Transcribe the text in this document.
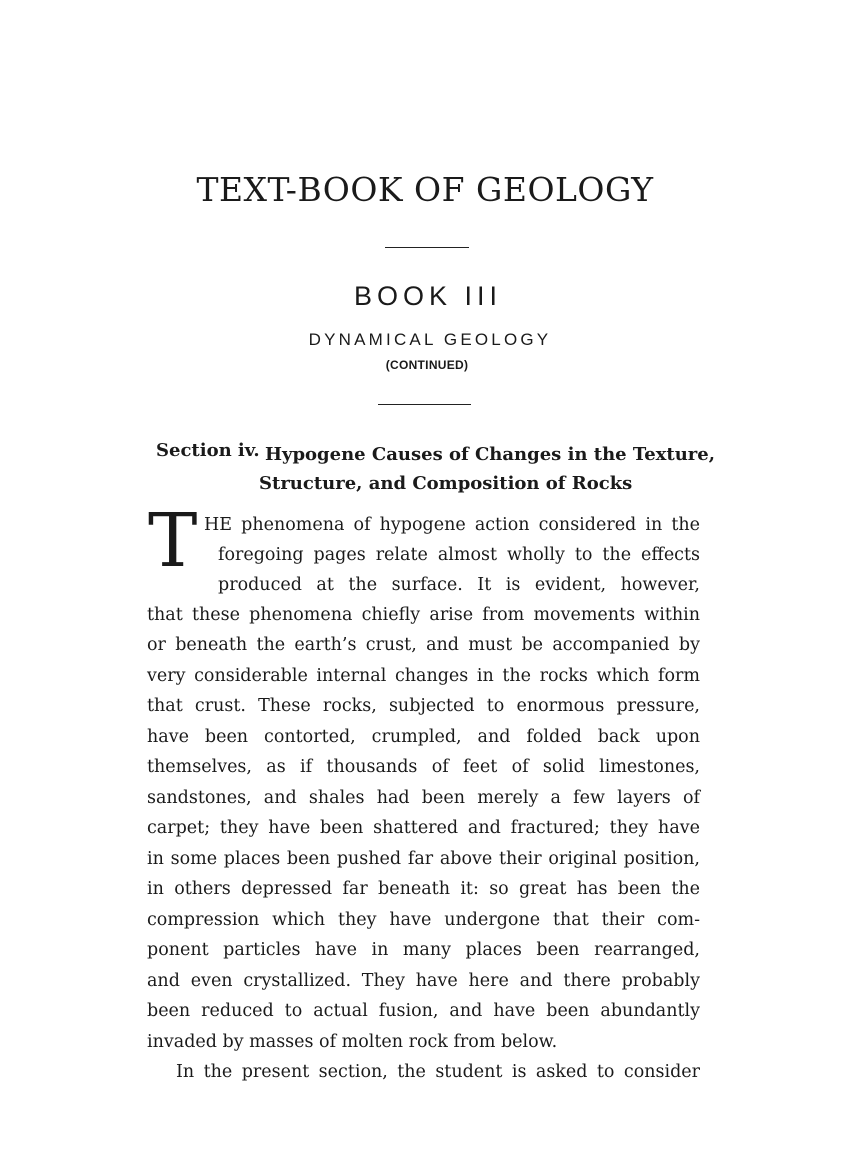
TEXT-BOOK OF GEOLOGY
BOOK III
DYNAMICAL GEOLOGY
(CONTINUED)
Section iv. Hypogene Causes of Changes in the Texture,
Structure, and Composition of Rocks
T HE phenomena of hypogene action considered in the
foregoing pages relate almost wholly to the effects
produced at the surface. It is evident, however,
that these phenomena chiefly arise from movements within
or beneath the earth’s crust, and must be accompanied by
very considerable internal changes in the rocks which form
that crust. These rocks, subjected to enormous pressure,
have been contorted, crumpled, and folded back upon
themselves, as if thousands of feet of solid limestones,
sandstones, and shales had been merely a few layers of
carpet; they have been shattered and fractured; they have
in some places been pushed far above their original position,
in others depressed far beneath it: so great has been the
compression which they have undergone that their com-
ponent particles have in many places been rearranged,
and even crystallized. They have here and there probably
been reduced to actual fusion, and have been abundantly
invaded by masses of molten rock from below.
In the present section, the student is asked to consider
